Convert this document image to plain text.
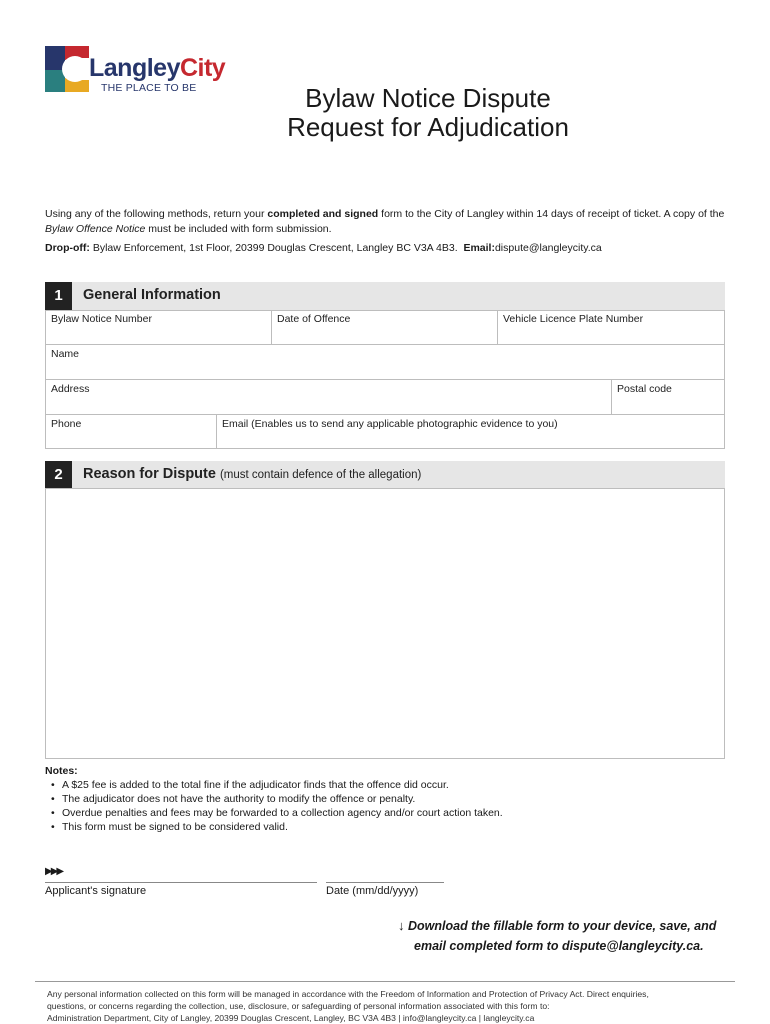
LangleyCity
THE PLACE TO BE	Bylaw Notice Dispute
Request for Adjudication
Using any of the following methods, return your completed and signed form to the City of Langley within 14 days of receipt of ticket. A copy of the Bylaw Offence Notice must be included with form submission.
Drop-off: Bylaw Enforcement, 1st Floor, 20399 Douglas Crescent, Langley BC V3A 4B3. Email:dispute@langleycity.ca
1	General Information
Bylaw Notice Number	Date of Offence	Vehicle Licence Plate Number
Name
Address	Postal code
Phone	Email (Enables us to send any applicable photographic evidence to you)
2	Reason for Dispute (must contain defence of the allegation)
Notes:
• A $25 fee is added to the total fine if the adjudicator finds that the offence did occur.
• The adjudicator does not have the authority to modify the offence or penalty.
• Overdue penalties and fees may be forwarded to a collection agency and/or court action taken.
• This form must be signed to be considered valid.
▶▶▶
Applicant's signature	Date (mm/dd/yyyy)
↓ Download the fillable form to your device, save, and
email completed form to dispute@langleycity.ca.
Any personal information collected on this form will be managed in accordance with the Freedom of Information and Protection of Privacy Act. Direct enquiries,
questions, or concerns regarding the collection, use, disclosure, or safeguarding of personal information associated with this form to:
Administration Department, City of Langley, 20399 Douglas Crescent, Langley, BC V3A 4B3 | info@langleycity.ca | langleycity.ca
